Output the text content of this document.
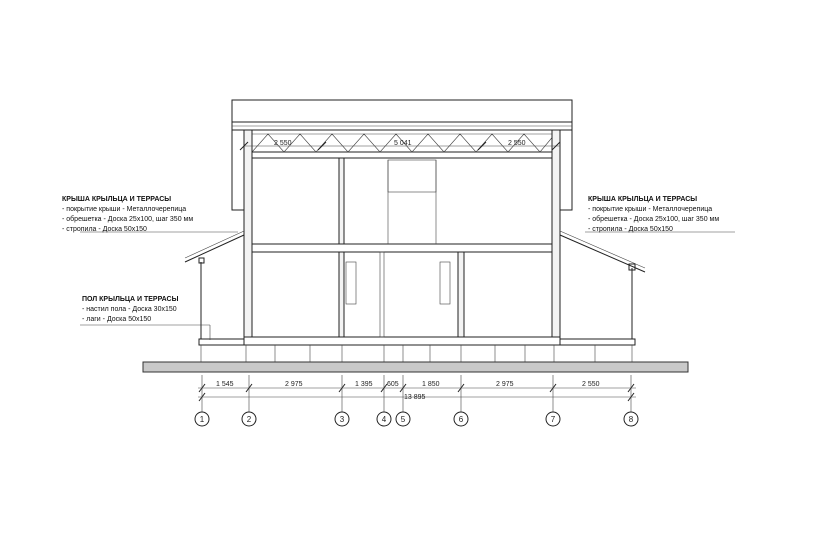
2 550	5 041	2 550
1 545	2 975	1 395 605	1 850	2 975	2 550
13 895
1	2	3	4 5	6	7	8
КРЫША КРЫЛЬЦА И ТЕРРАСЫ
- покрытие крыши - Металлочерепица
- обрешетка - Доска 25х100, шаг 350 мм
- стропила - Доска 50х150
КРЫША КРЫЛЬЦА И ТЕРРАСЫ
- покрытие крыши - Металлочерепица
- обрешетка - Доска 25х100, шаг 350 мм
- стропила - Доска 50х150
ПОЛ КРЫЛЬЦА И ТЕРРАСЫ
- настил пола - Доска 30х150
- лаги - Доска 50х150
